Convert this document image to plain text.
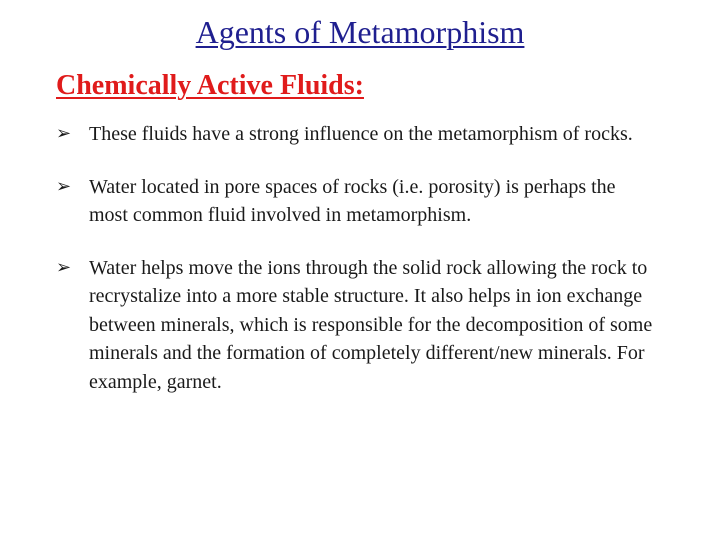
Agents of Metamorphism
Chemically Active Fluids:
➢ These fluids have a strong influence on the metamorphism of rocks.
➢ Water located in pore spaces of rocks (i.e. porosity) is perhaps the most common fluid involved in metamorphism.
➢ Water helps move the ions through the solid rock allowing the rock to recrystalize into a more stable structure. It also helps in ion exchange between minerals, which is responsible for the decomposition of some minerals and the formation of completely different/new minerals. For example, garnet.
